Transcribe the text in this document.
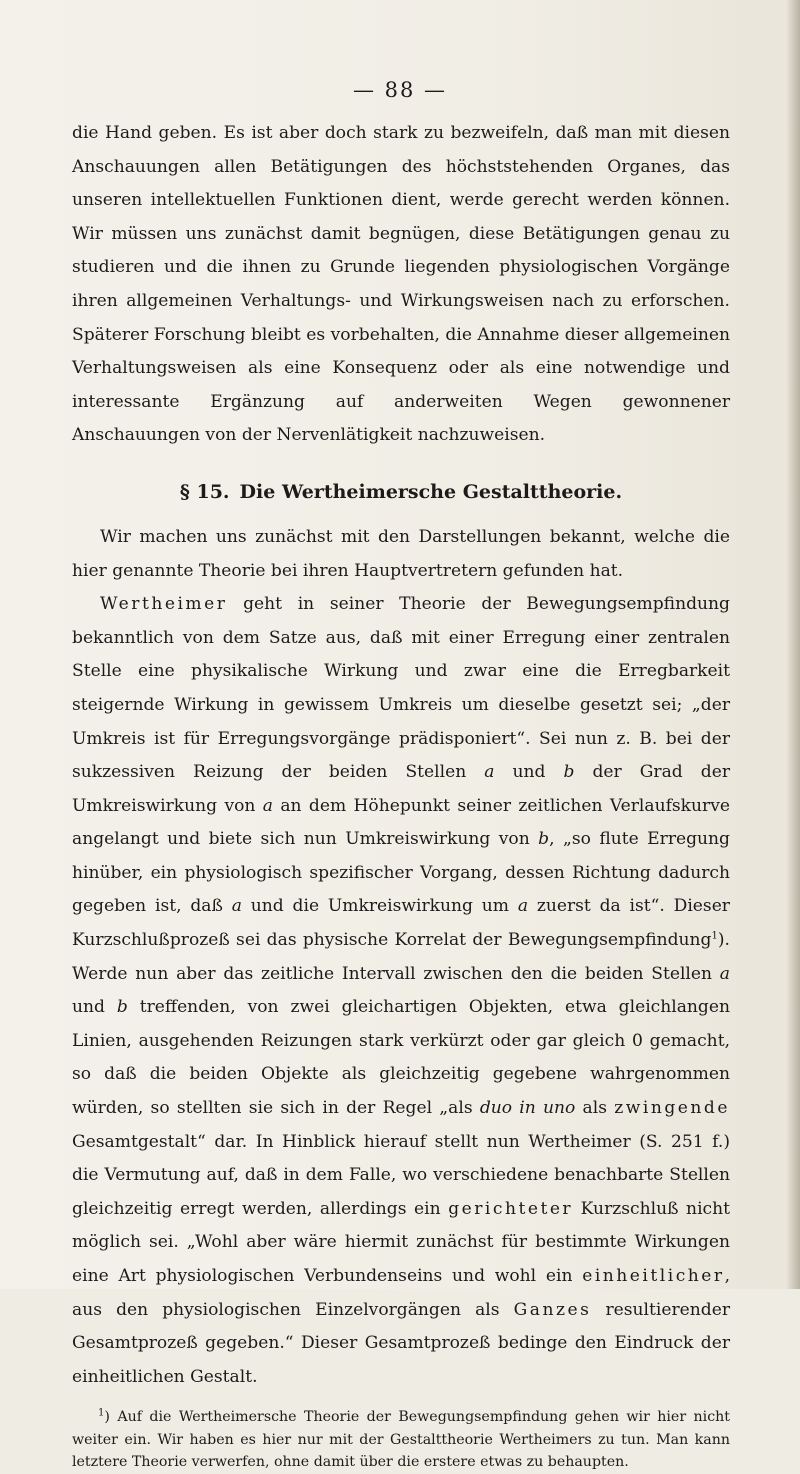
— 88 —

die Hand geben. Es ist aber doch stark zu bezweifeln, daß man mit diesen Anschauungen allen Betätigungen des höchststehenden Organes, das unseren intellektuellen Funktionen dient, werde gerecht werden können. Wir müssen uns zunächst damit begnügen, diese Betätigungen genau zu studieren und die ihnen zu Grunde liegenden physiologischen Vorgänge ihren allgemeinen Verhaltungs- und Wirkungsweisen nach zu erforschen. Späterer Forschung bleibt es vorbehalten, die Annahme dieser allgemeinen Verhaltungsweisen als eine Konsequenz oder als eine notwendige und interessante Ergänzung auf anderweiten Wegen gewonnener Anschauungen von der Nervenlätigkeit nachzuweisen.

§ 15. Die Wertheimersche Gestalttheorie.

Wir machen uns zunächst mit den Darstellungen bekannt, welche die hier genannte Theorie bei ihren Hauptvertretern gefunden hat.

Wertheimer geht in seiner Theorie der Bewegungsempfindung bekanntlich von dem Satze aus, daß mit einer Erregung einer zentralen Stelle eine physikalische Wirkung und zwar eine die Erregbarkeit steigernde Wirkung in gewissem Umkreis um dieselbe gesetzt sei; „der Umkreis ist für Erregungsvorgänge prädisponiert“. Sei nun z. B. bei der sukzessiven Reizung der beiden Stellen a und b der Grad der Umkreiswirkung von a an dem Höhepunkt seiner zeitlichen Verlaufskurve angelangt und biete sich nun Umkreiswirkung von b, „so flute Erregung hinüber, ein physiologisch spezifischer Vorgang, dessen Richtung dadurch gegeben ist, daß a und die Umkreiswirkung um a zuerst da ist“. Dieser Kurzschlußprozeß sei das physische Korrelat der Bewegungsempfindung$^1$). Werde nun aber das zeitliche Intervall zwischen den die beiden Stellen a und b treffenden, von zwei gleichartigen Objekten, etwa gleichlangen Linien, ausgehenden Reizungen stark verkürzt oder gar gleich 0 gemacht, so daß die beiden Objekte als gleichzeitig gegebene wahrgenommen würden, so stellten sie sich in der Regel „als duo in uno als zwingende Gesamtgestalt“ dar. In Hinblick hierauf stellt nun Wertheimer (S. 251 f.) die Vermutung auf, daß in dem Falle, wo verschiedene benachbarte Stellen gleichzeitig erregt werden, allerdings ein gerichteter Kurzschluß nicht möglich sei. „Wohl aber wäre hiermit zunächst für bestimmte Wirkungen eine Art physiologischen Verbundenseins und wohl ein einheitlicher, aus den physiologischen Einzelvorgängen als Ganzes resultierender Gesamtprozeß gegeben.“ Dieser Gesamtprozeß bedinge den Eindruck der einheitlichen Gestalt.

$^1$) Auf die Wertheimersche Theorie der Bewegungsempfindung gehen wir hier nicht weiter ein. Wir haben es hier nur mit der Gestalttheorie Wertheimers zu tun. Man kann letztere Theorie verwerfen, ohne damit über die erstere etwas zu behaupten.
